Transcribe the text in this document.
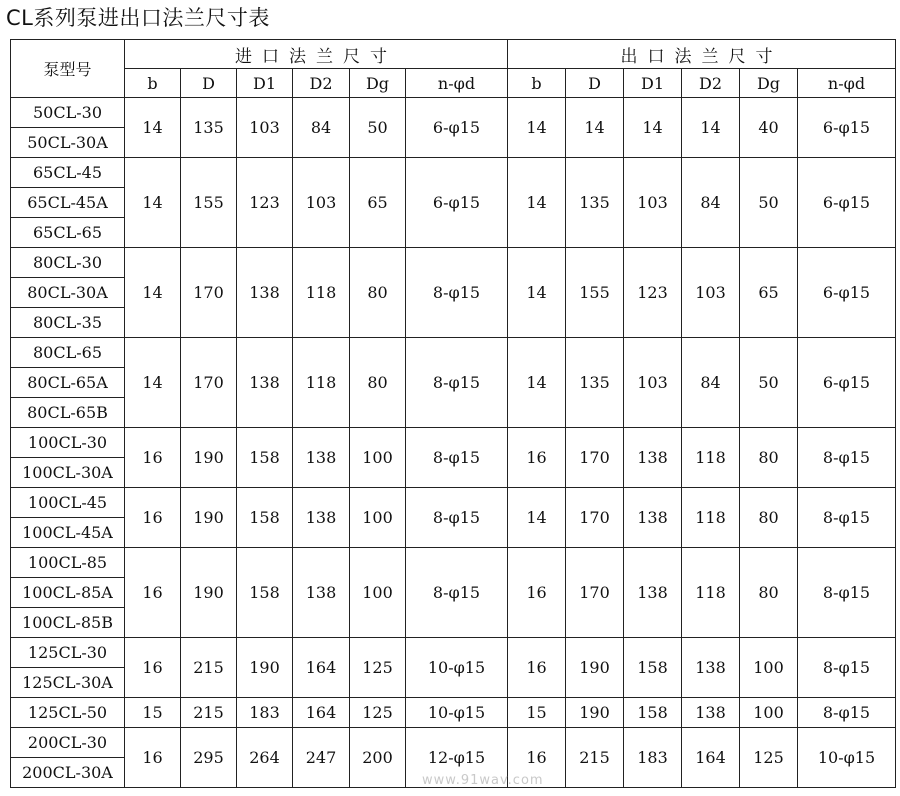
CL系列泵进出口法兰尺寸表
泵型号	进口法兰尺寸						出口法兰尺寸					
	b	D	D1	D2	Dg	n-φd	b	D	D1	D2	Dg	n-φd
50CL-30	14	135	103	84	50	6-φ15	14	14	14	14	40	6-φ15
50CL-30A												
65CL-45	14	155	123	103	65	6-φ15	14	135	103	84	50	6-φ15
65CL-45A												
65CL-65												
80CL-30	14	170	138	118	80	8-φ15	14	155	123	103	65	6-φ15
80CL-30A												
80CL-35												
80CL-65	14	170	138	118	80	8-φ15	14	135	103	84	50	6-φ15
80CL-65A												
80CL-65B												
100CL-30	16	190	158	138	100	8-φ15	16	170	138	118	80	8-φ15
100CL-30A												
100CL-45	16	190	158	138	100	8-φ15	14	170	138	118	80	8-φ15
100CL-45A												
100CL-85	16	190	158	138	100	8-φ15	16	170	138	118	80	8-φ15
100CL-85A												
100CL-85B												
125CL-30	16	215	190	164	125	10-φ15	16	190	158	138	100	8-φ15
125CL-30A												
125CL-50	15	215	183	164	125	10-φ15	15	190	158	138	100	8-φ15
200CL-30	16	295	264	247	200	12-φ15	16	215	183	164	125	10-φ15
200CL-30A													www.91wav.com
